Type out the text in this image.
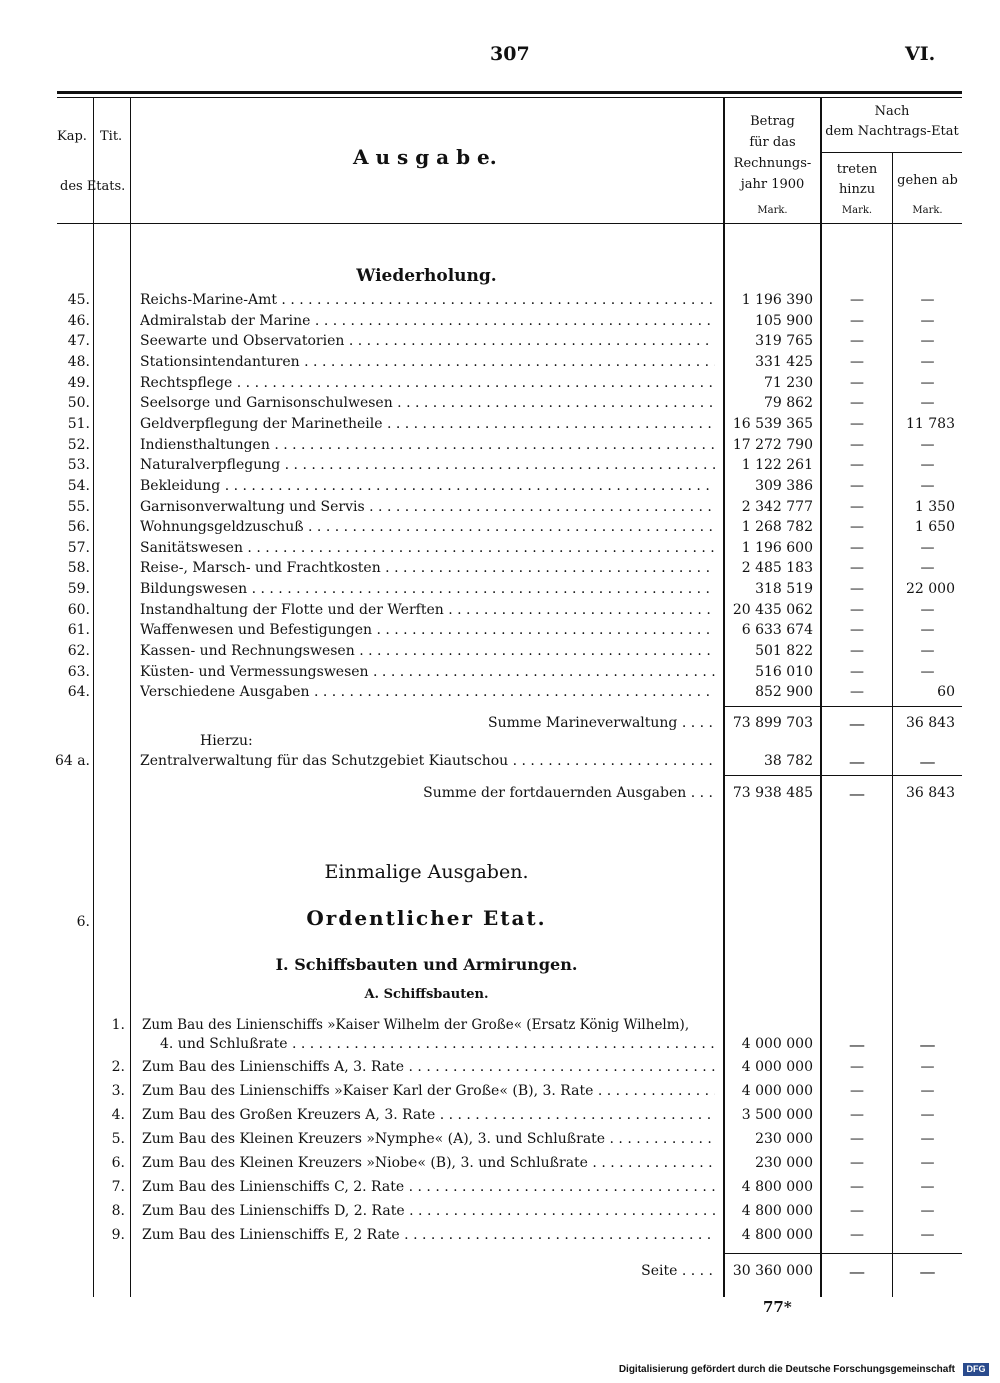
307	VI.
Kap. Tit.
des Etats.
A u s g a b e.
Betrag
für das
Rechnungs-
jahr 1900
Mark.
Nach
dem Nachtrags-Etat
treten
hinzu
gehen ab
Mark.	Mark.
Wiederholung.
45.	Reichs-Marine-Amt . . .	1 196 390	—	—
46.	Admiralstab der Marine . . .	105 900	—	—
47.	Seewarte und Observatorien . . .	319 765	—	—
48.	Stationsintendanturen . . .	331 425	—	—
49.	Rechtspflege . . .	71 230	—	—
50.	Seelsorge und Garnisonschulwesen . . .	79 862	—	—
51.	Geldverpflegung der Marinetheile . . .	16 539 365	—	11 783
52.	Indiensthaltungen . . .	17 272 790	—	—
53.	Naturalverpflegung . . .	1 122 261	—	—
54.	Bekleidung . . .	309 386	—	—
55.	Garnisonverwaltung und Servis . . .	2 342 777	—	1 350
56.	Wohnungsgeldzuschuß . . .	1 268 782	—	1 650
57.	Sanitätswesen . . .	1 196 600	—	—
58.	Reise-, Marsch- und Frachtkosten . . .	2 485 183	—	—
59.	Bildungswesen . . .	318 519	—	22 000
60.	Instandhaltung der Flotte und der Werften . . .	20 435 062	—	—
61.	Waffenwesen und Befestigungen . . .	6 633 674	—	—
62.	Kassen- und Rechnungswesen . . .	501 822	—	—
63.	Küsten- und Vermessungswesen . . .	516 010	—	—
64.	Verschiedene Ausgaben . . .	852 900	—	60
Summe Marineverwaltung . . . . 73 899 703	—	36 843
Hierzu:
64 a.	Zentralverwaltung für das Schutzgebiet Kiautschou . . .	38 782	—	—
Summe der fortdauernden Ausgaben . . . 73 938 485	—	36 843
Einmalige Ausgaben.
6.	Ordentlicher Etat.
I. Schiffsbauten und Armirungen.
A. Schiffsbauten.
1. Zum Bau des Linienschiffs »Kaiser Wilhelm der Große« (Ersatz König Wilhelm),
4. und Schlußrate . . .	4 000 000	—	—
2. Zum Bau des Linienschiffs A, 3. Rate . . .	4 000 000	—	—
3. Zum Bau des Linienschiffs »Kaiser Karl der Große« (B), 3. Rate . . .	4 000 000	—	—
4. Zum Bau des Großen Kreuzers A, 3. Rate . . .	3 500 000	—	—
5. Zum Bau des Kleinen Kreuzers »Nymphe« (A), 3. und Schlußrate . . .	230 000	—	—
6. Zum Bau des Kleinen Kreuzers »Niobe« (B), 3. und Schlußrate . . .	230 000	—	—
7. Zum Bau des Linienschiffs C, 2. Rate . . .	4 800 000	—	—
8. Zum Bau des Linienschiffs D, 2. Rate . . .	4 800 000	—	—
9. Zum Bau des Linienschiffs E, 2 Rate . . .	4 800 000	—	—
Seite . . . . 30 360 000	—	—
77*
Digitalisierung gefördert durch die Deutsche Forschungsgemeinschaft	DFG
